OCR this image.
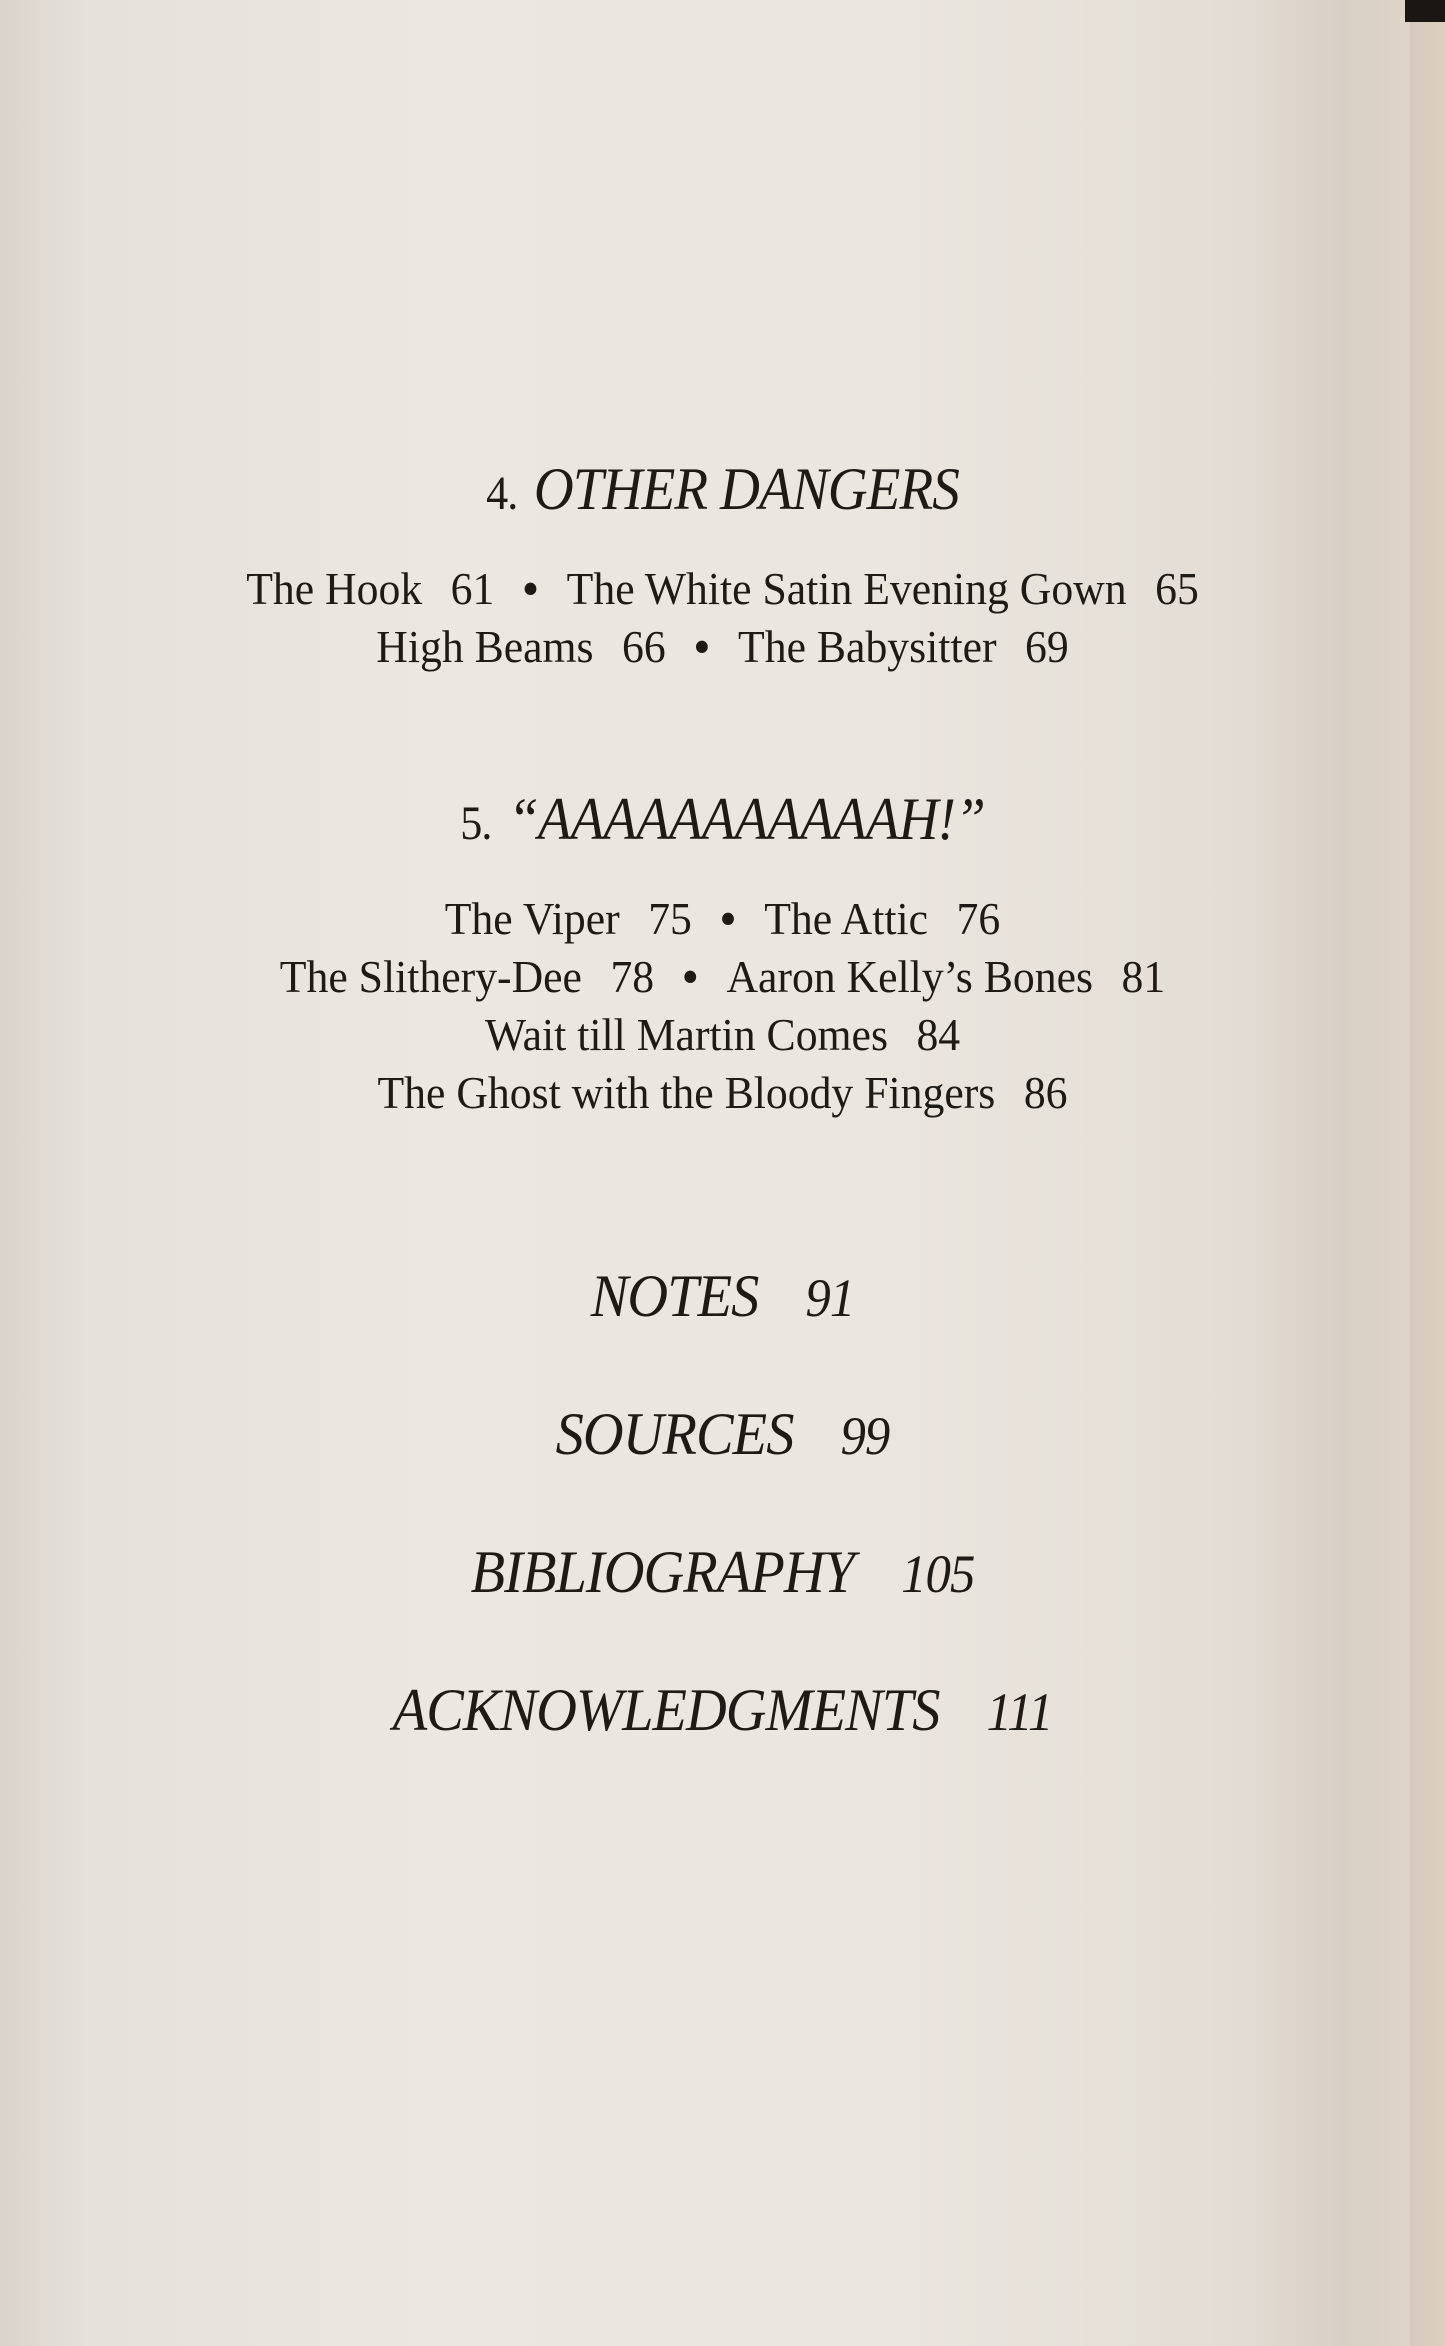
4. OTHER DANGERS
The Hook 61 • The White Satin Evening Gown 65
High Beams 66 • The Babysitter 69
5. “AAAAAAAAAAAH!”
The Viper 75 • The Attic 76
The Slithery-Dee 78 • Aaron Kelly’s Bones 81
Wait till Martin Comes 84
The Ghost with the Bloody Fingers 86
NOTES 91
SOURCES 99
BIBLIOGRAPHY 105
ACKNOWLEDGMENTS 111
